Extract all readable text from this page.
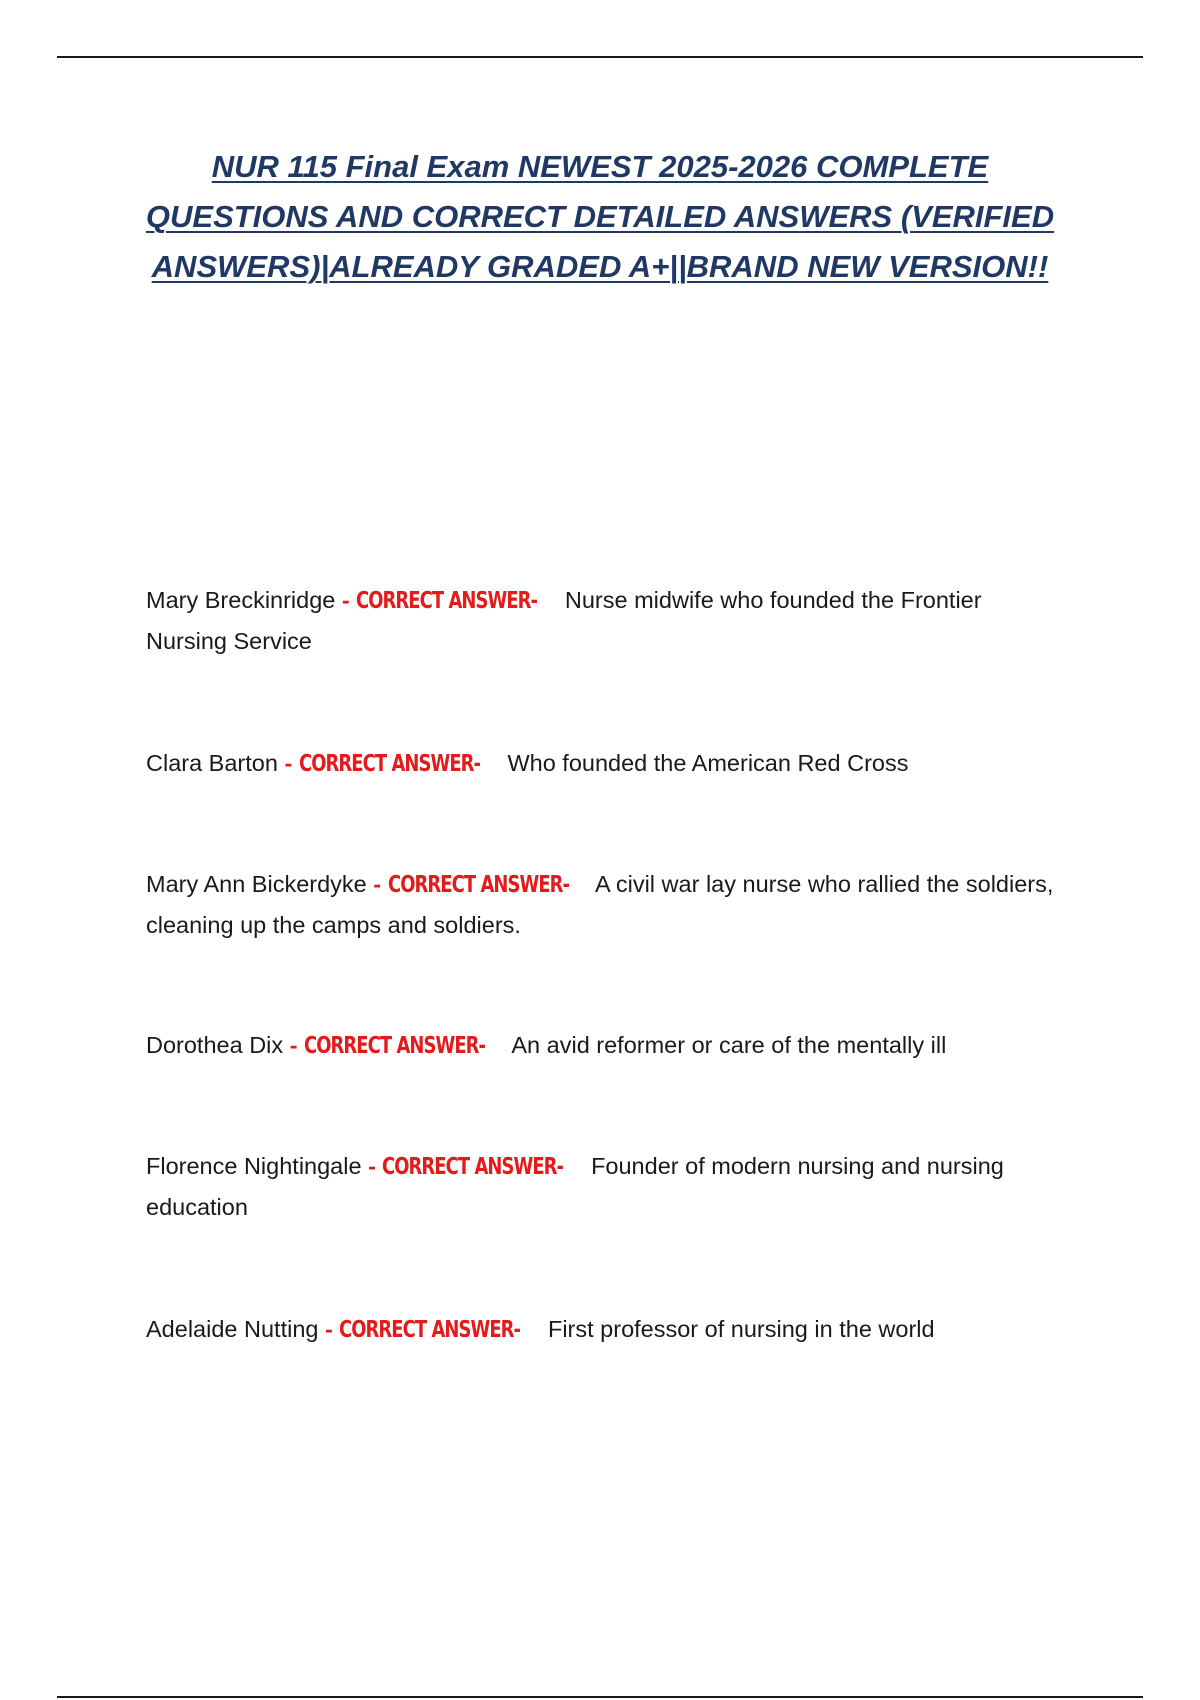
NUR 115 Final Exam NEWEST 2025-2026 COMPLETE QUESTIONS AND CORRECT DETAILED ANSWERS (VERIFIED ANSWERS)|ALREADY GRADED A+||BRAND NEW VERSION!!
Mary Breckinridge - CORRECT ANSWER- Nurse midwife who founded the Frontier Nursing Service
Clara Barton - CORRECT ANSWER- Who founded the American Red Cross
Mary Ann Bickerdyke - CORRECT ANSWER- A civil war lay nurse who rallied the soldiers, cleaning up the camps and soldiers.
Dorothea Dix - CORRECT ANSWER- An avid reformer or care of the mentally ill
Florence Nightingale - CORRECT ANSWER- Founder of modern nursing and nursing education
Adelaide Nutting - CORRECT ANSWER- First professor of nursing in the world
